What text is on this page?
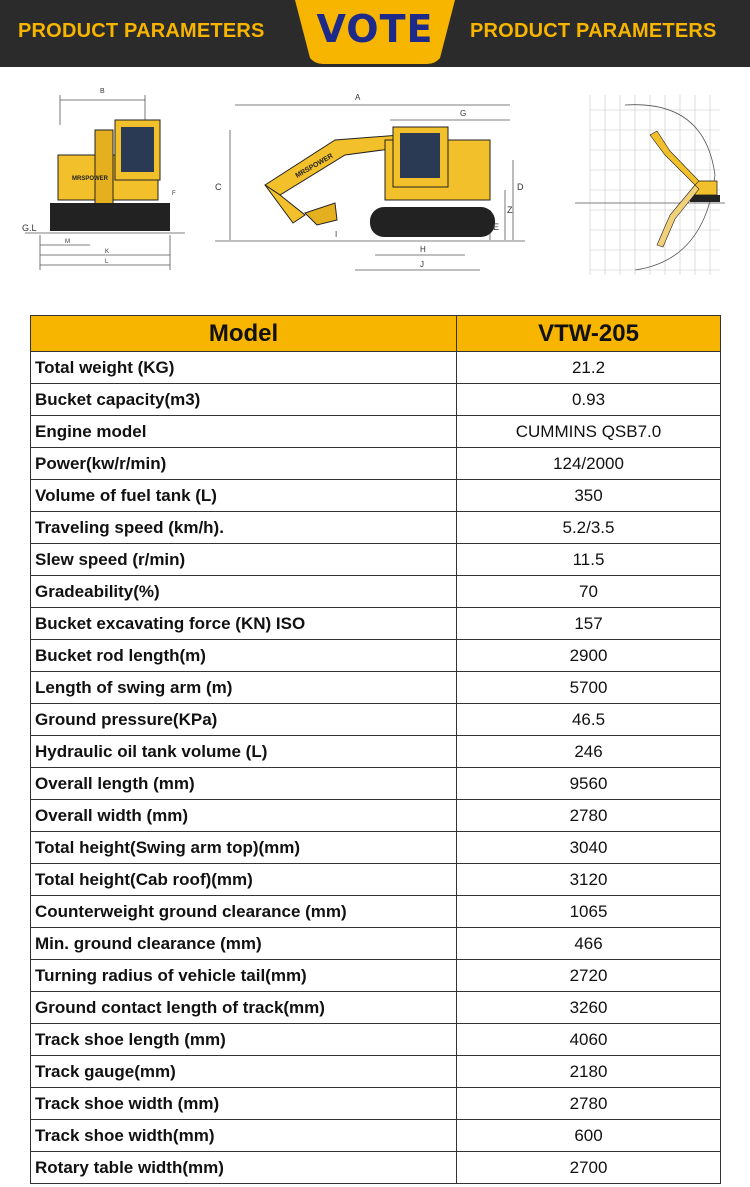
PRODUCT PARAMETERS	VOTE	PRODUCT PARAMETERS
B
G.L
M
K
L
F
MRSPOWER
A
G
C	D
Z
E
H
J
I
MRSPOWER
Model	VTW-205
Total weight (KG)	21.2
Bucket capacity(m3)	0.93
Engine model	CUMMINS QSB7.0
Power(kw/r/min)	124/2000
Volume of fuel tank (L)	350
Traveling speed (km/h).	5.2/3.5
Slew speed (r/min)	11.5
Gradeability(%)	70
Bucket excavating force (KN) ISO	157
Bucket rod length(m)	2900
Length of swing arm (m)	5700
Ground pressure(KPa)	46.5
Hydraulic oil tank volume (L)	246
Overall length (mm)	9560
Overall width (mm)	2780
Total height(Swing arm top)(mm)	3040
Total height(Cab roof)(mm)	3120
Counterweight ground clearance (mm)	1065
Min. ground clearance (mm)	466
Turning radius of vehicle tail(mm)	2720
Ground contact length of track(mm)	3260
Track shoe length (mm)	4060
Track gauge(mm)	2180
Track shoe width (mm)	2780
Track shoe width(mm)	600
Rotary table width(mm)	2700
